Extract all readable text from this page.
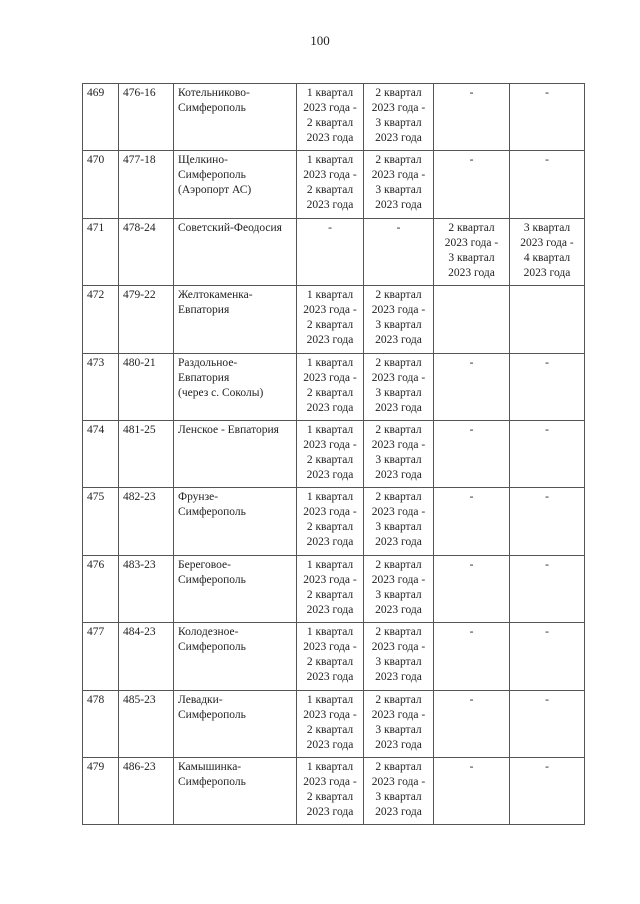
100
469	476-16	Котельниково-
Симферополь	1 квартал
2023 года -
2 квартал
2023 года	2 квартал
2023 года -
3 квартал
2023 года	-	-
470	477-18	Щелкино-
Симферополь
(Аэропорт АС)	1 квартал
2023 года -
2 квартал
2023 года	2 квартал
2023 года -
3 квартал
2023 года	-	-
471	478-24	Советский-Феодосия	-	-	2 квартал
2023 года -
3 квартал
2023 года	3 квартал
2023 года -
4 квартал
2023 года
472	479-22	Желтокаменка-
Евпатория	1 квартал
2023 года -
2 квартал
2023 года	2 квартал
2023 года -
3 квартал
2023 года		
473	480-21	Раздольное-
Евпатория
(через с. Соколы)	1 квартал
2023 года -
2 квартал
2023 года	2 квартал
2023 года -
3 квартал
2023 года	-	-
474	481-25	Ленское - Евпатория	1 квартал
2023 года -
2 квартал
2023 года	2 квартал
2023 года -
3 квартал
2023 года	-	-
475	482-23	Фрунзе-
Симферополь	1 квартал
2023 года -
2 квартал
2023 года	2 квартал
2023 года -
3 квартал
2023 года	-	-
476	483-23	Береговое-
Симферополь	1 квартал
2023 года -
2 квартал
2023 года	2 квартал
2023 года -
3 квартал
2023 года	-	-
477	484-23	Колодезное-
Симферополь	1 квартал
2023 года -
2 квартал
2023 года	2 квартал
2023 года -
3 квартал
2023 года	-	-
478	485-23	Левадки-
Симферополь	1 квартал
2023 года -
2 квартал
2023 года	2 квартал
2023 года -
3 квартал
2023 года	-	-
479	486-23	Камышинка-
Симферополь	1 квартал
2023 года -
2 квартал
2023 года	2 квартал
2023 года -
3 квартал
2023 года	-	-
